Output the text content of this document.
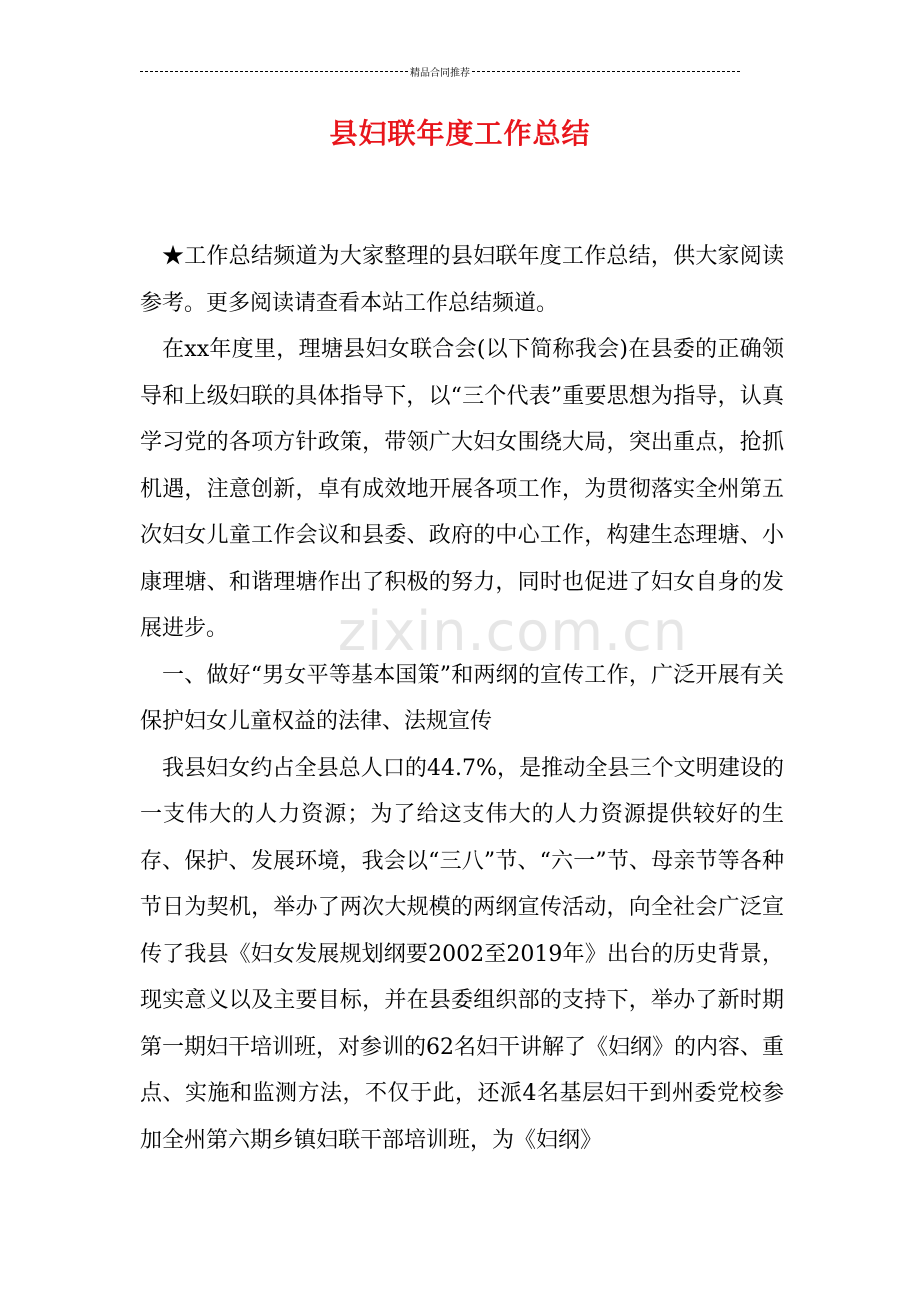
精品合同推荐
县妇联年度工作总结

★工作总结频道为大家整理的县妇联年度工作总结，供大家阅读参考。更多阅读请查看本站工作总结频道。

在xx年度里，理塘县妇女联合会(以下简称我会)在县委的正确领导和上级妇联的具体指导下，以“三个代表”重要思想为指导，认真学习党的各项方针政策，带领广大妇女围绕大局，突出重点，抢抓机遇，注意创新，卓有成效地开展各项工作，为贯彻落实全州第五次妇女儿童工作会议和县委、政府的中心工作，构建生态理塘、小康理塘、和谐理塘作出了积极的努力，同时也促进了妇女自身的发展进步。

一、做好“男女平等基本国策”和两纲的宣传工作，广泛开展有关保护妇女儿童权益的法律、法规宣传

我县妇女约占全县总人口的44.7%，是推动全县三个文明建设的一支伟大的人力资源；为了给这支伟大的人力资源提供较好的生存、保护、发展环境，我会以“三八”节、“六一”节、母亲节等各种节日为契机，举办了两次大规模的两纲宣传活动，向全社会广泛宣传了我县《妇女发展规划纲要2002至2019年》出台的历史背景，现实意义以及主要目标，并在县委组织部的支持下，举办了新时期第一期妇干培训班，对参训的62名妇干讲解了《妇纲》的内容、重点、实施和监测方法，不仅于此，还派4名基层妇干到州委党校参加全州第六期乡镇妇联干部培训班，为《妇纲》

zixin.com.cn
